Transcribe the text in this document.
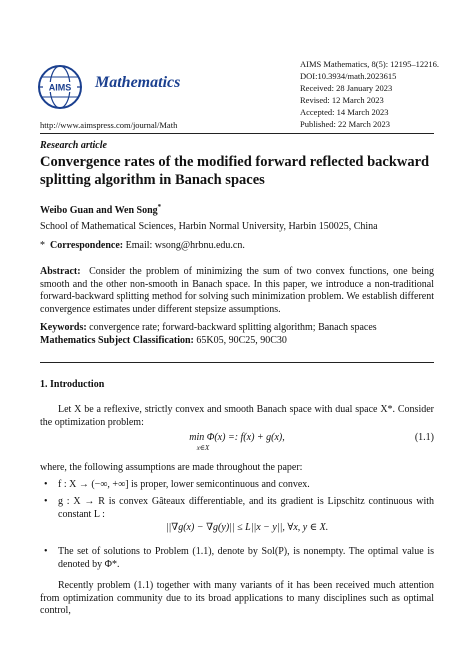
AIMS Mathematics
http://www.aimspress.com/journal/Math
AIMS Mathematics, 8(5): 12195–12216.
DOI:10.3934/math.2023615
Received: 28 January 2023
Revised: 12 March 2023
Accepted: 14 March 2023
Published: 22 March 2023
Research article
Convergence rates of the modified forward reflected backward splitting algorithm in Banach spaces
Weibo Guan and Wen Song*
School of Mathematical Sciences, Harbin Normal University, Harbin 150025, China
*  Correspondence: Email: wsong@hrbnu.edu.cn.
Abstract: Consider the problem of minimizing the sum of two convex functions, one being smooth and the other non-smooth in Banach space. In this paper, we introduce a non-traditional forward-backward splitting method for solving such minimization problem. We establish different convergence estimates under different stepsize assumptions.
Keywords: convergence rate; forward-backward splitting algorithm; Banach spaces
Mathematics Subject Classification: 65K05, 90C25, 90C30
1. Introduction
Let X be a reflexive, strictly convex and smooth Banach space with dual space X*. Consider the optimization problem:
min Φ(x) =: f(x) + g(x),
x∈X
(1.1)
where, the following assumptions are made throughout the paper:
• f : X → (−∞, +∞] is proper, lower semicontinuous and convex.
• g : X → R is convex Gâteaux differentiable, and its gradient is Lipschitz continuous with constant L :
||∇g(x) − ∇g(y)|| ≤ L||x − y||, ∀x, y ∈ X.
• The set of solutions to Problem (1.1), denote by Sol(P), is nonempty. The optimal value is denoted by Φ*.
Recently problem (1.1) together with many variants of it has been received much attention from optimization community due to its broad applications to many disciplines such as optimal control,
